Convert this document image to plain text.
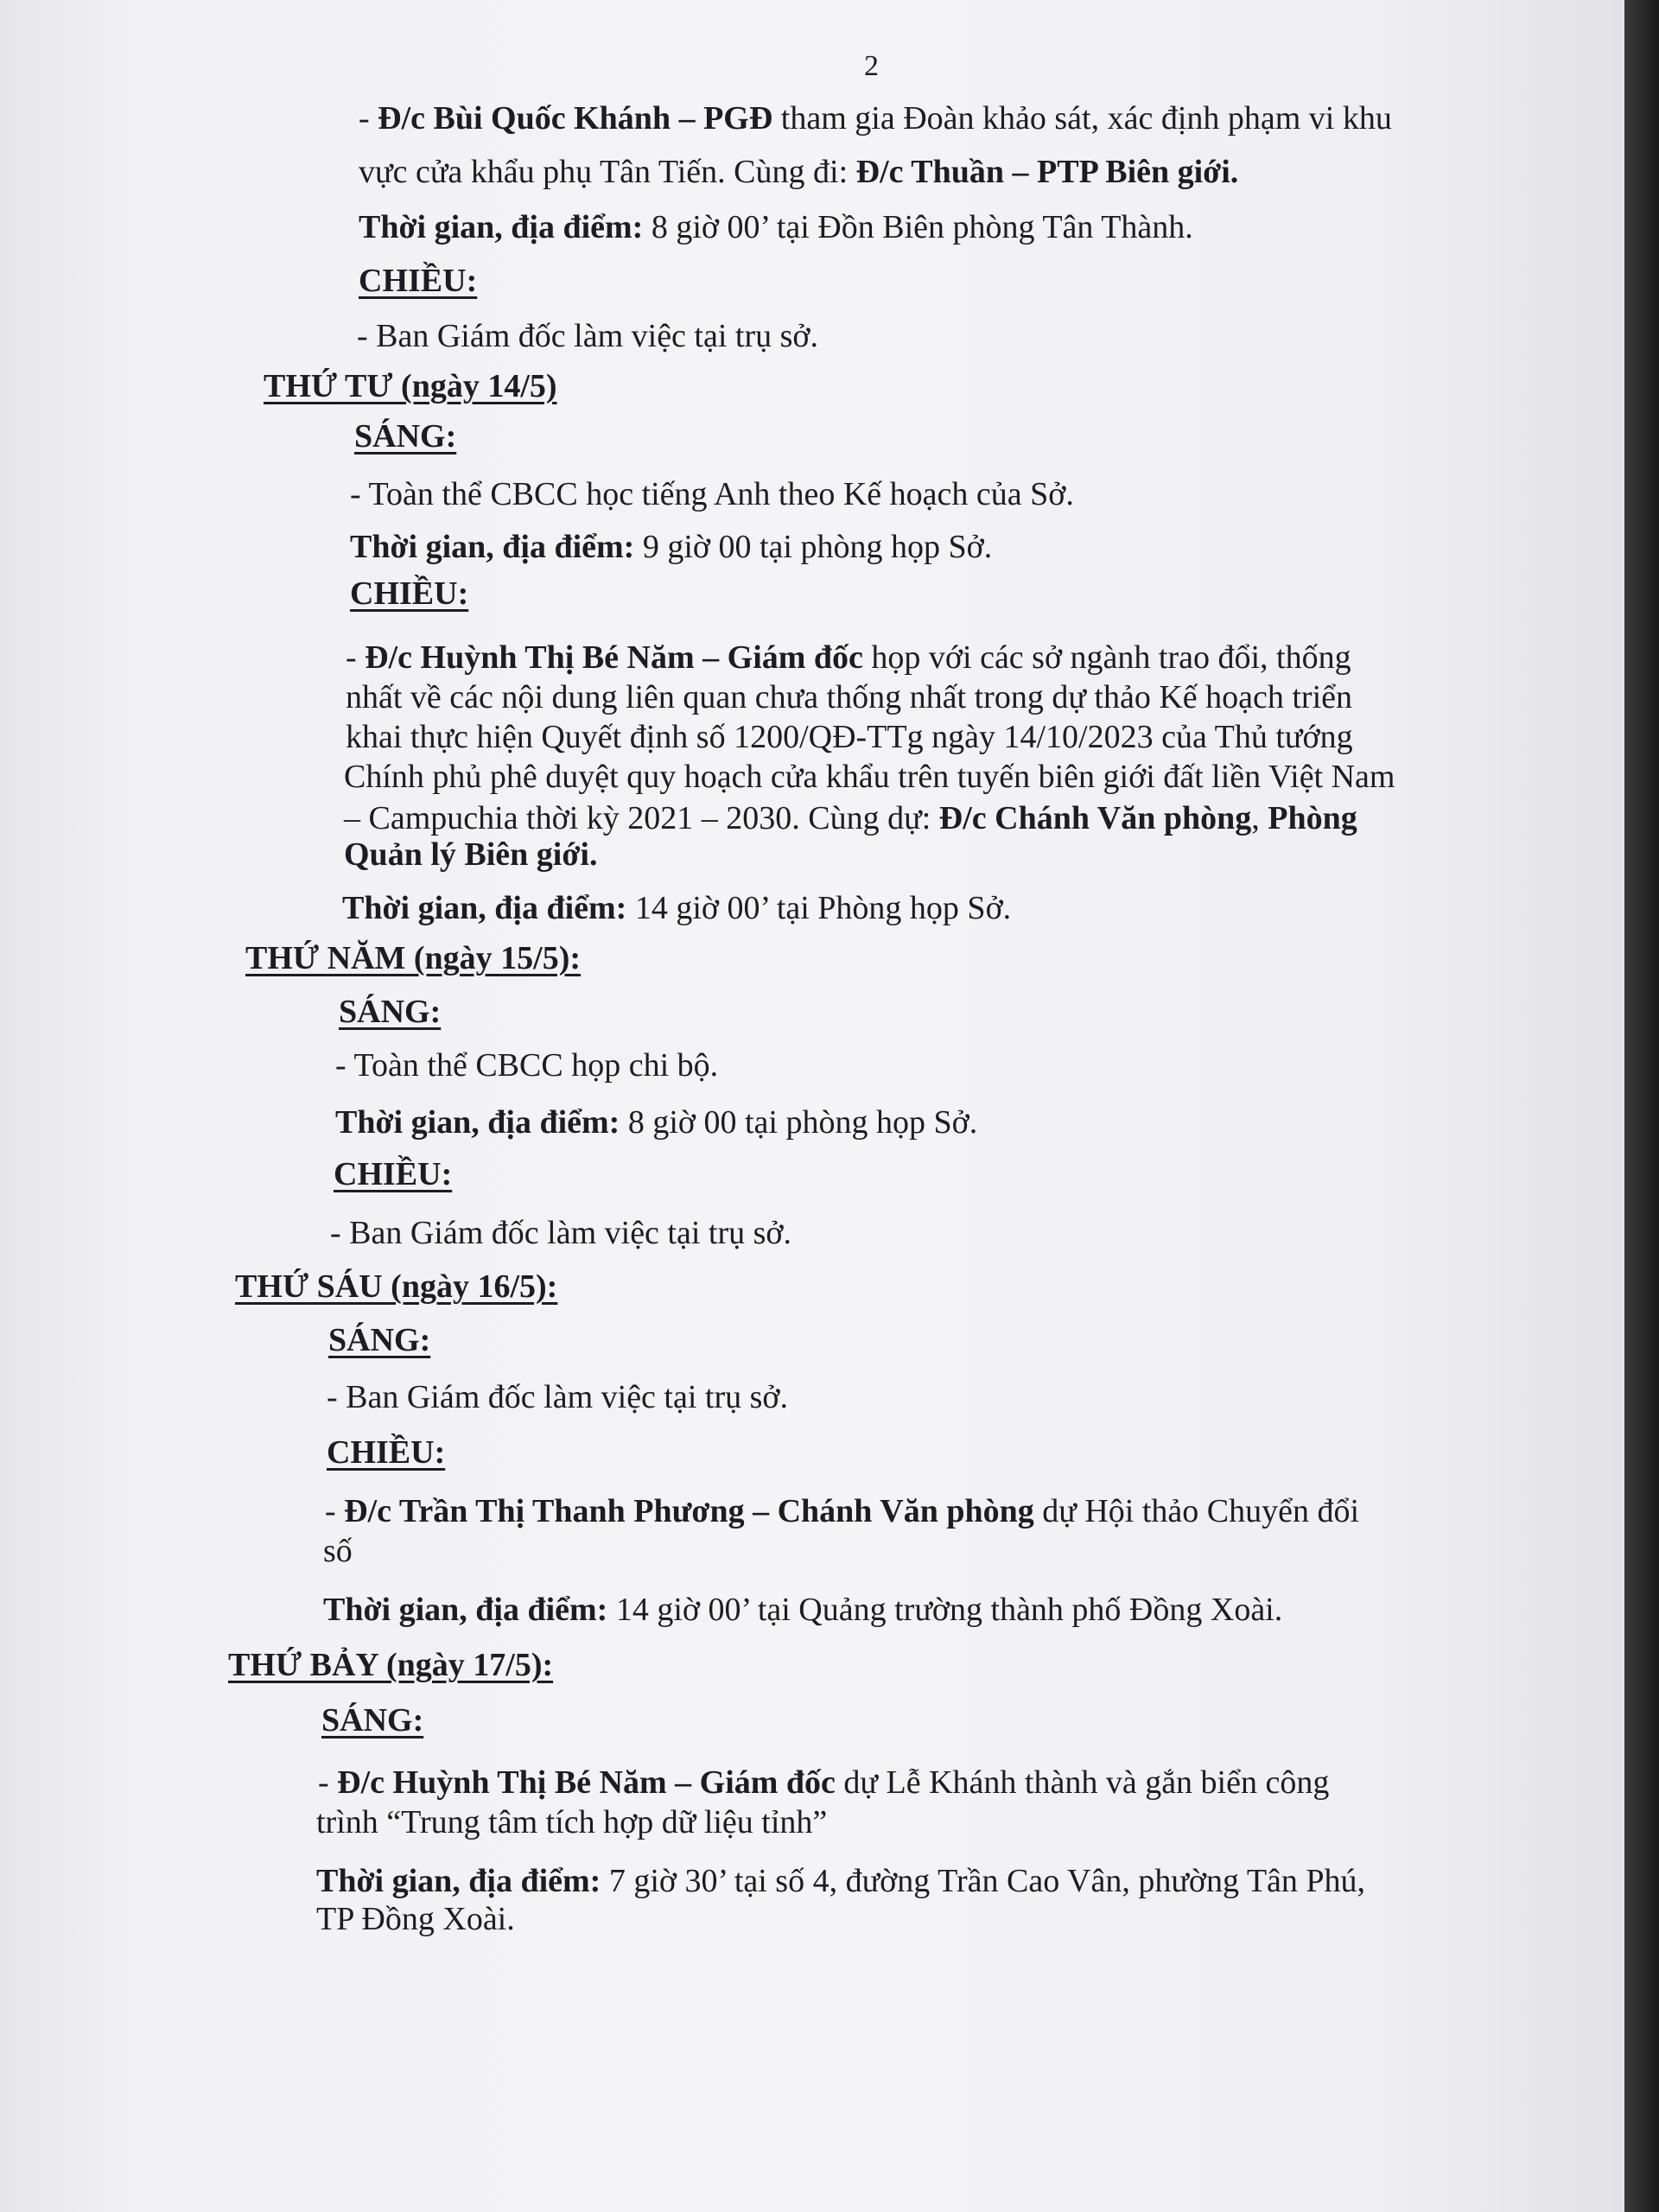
2
- Đ/c Bùi Quốc Khánh – PGĐ tham gia Đoàn khảo sát, xác định phạm vi khu
vực cửa khẩu phụ Tân Tiến. Cùng đi: Đ/c Thuần – PTP Biên giới.
Thời gian, địa điểm: 8 giờ 00’ tại Đồn Biên phòng Tân Thành.
CHIỀU:
- Ban Giám đốc làm việc tại trụ sở.
THỨ TƯ (ngày 14/5)
SÁNG:
- Toàn thể CBCC học tiếng Anh theo Kế hoạch của Sở.
Thời gian, địa điểm: 9 giờ 00 tại phòng họp Sở.
CHIỀU:
- Đ/c Huỳnh Thị Bé Năm – Giám đốc họp với các sở ngành trao đổi, thống
nhất về các nội dung liên quan chưa thống nhất trong dự thảo Kế hoạch triển
khai thực hiện Quyết định số 1200/QĐ-TTg ngày 14/10/2023 của Thủ tướng
Chính phủ phê duyệt quy hoạch cửa khẩu trên tuyến biên giới đất liền Việt Nam
– Campuchia thời kỳ 2021 – 2030. Cùng dự: Đ/c Chánh Văn phòng, Phòng
Quản lý Biên giới.
Thời gian, địa điểm: 14 giờ 00’ tại Phòng họp Sở.
THỨ NĂM (ngày 15/5):
SÁNG:
- Toàn thể CBCC họp chi bộ.
Thời gian, địa điểm: 8 giờ 00 tại phòng họp Sở.
CHIỀU:
- Ban Giám đốc làm việc tại trụ sở.
THỨ SÁU (ngày 16/5):
SÁNG:
- Ban Giám đốc làm việc tại trụ sở.
CHIỀU:
- Đ/c Trần Thị Thanh Phương – Chánh Văn phòng dự Hội thảo Chuyển đổi
số
Thời gian, địa điểm: 14 giờ 00’ tại Quảng trường thành phố Đồng Xoài.
THỨ BẢY (ngày 17/5):
SÁNG:
- Đ/c Huỳnh Thị Bé Năm – Giám đốc dự Lễ Khánh thành và gắn biển công
trình “Trung tâm tích hợp dữ liệu tỉnh”
Thời gian, địa điểm: 7 giờ 30’ tại số 4, đường Trần Cao Vân, phường Tân Phú,
TP Đồng Xoài.
